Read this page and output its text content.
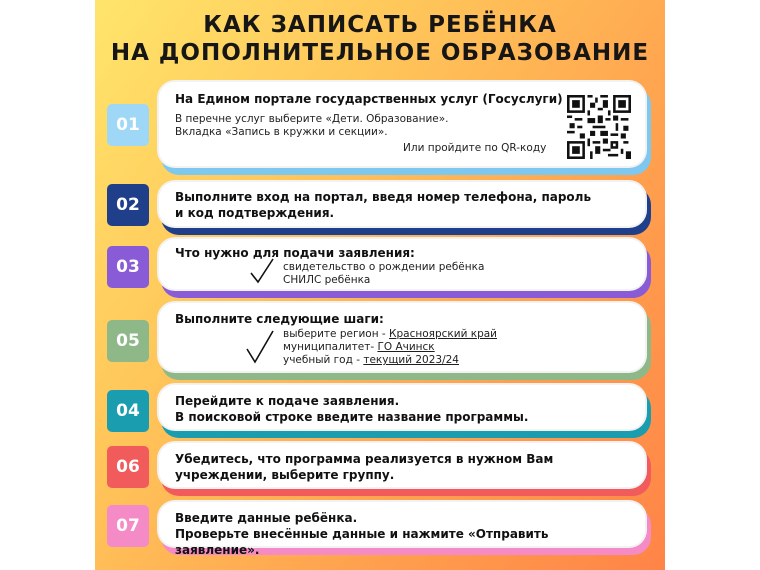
КАК ЗАПИСАТЬ РЕБЁНКА
НА ДОПОЛНИТЕЛЬНОЕ ОБРАЗОВАНИЕ
01
На Едином портале государственных услуг (Госуслуги)
В перечне услуг выберите «Дети. Образование».
Вкладка «Запись в кружки и секции».
Или пройдите по QR-коду
02	Выполните вход на портал, введя номер телефона, пароль
и код подтверждения.
03
Что нужно для подачи заявления:
свидетельство о рождении ребёнка
СНИЛС ребёнка
05
Выполните следующие шаги:
выберите регион - Красноярский край
муниципалитет- ГО Ачинск
учебный год - текущий 2023/24
04	Перейдите к подаче заявления.
В поисковой строке введите название программы.
06	Убедитесь, что программа реализуется в нужном Вам
учреждении, выберите группу.
07	Введите данные ребёнка.
Проверьте внесённые данные и нажмите «Отправить заявление».
